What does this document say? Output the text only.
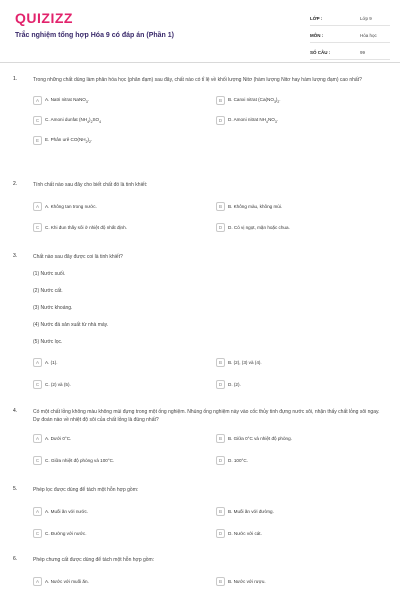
QUIZIZZ
Trắc nghiệm tổng hợp Hóa 9 có đáp án (Phần 1)
LỚP :	Lớp 9
MÔN :	Hóa học
SỐ CÂU :	99
1.	Trong những chất dùng làm phân hóa học (phân đạm) sau đây, chất nào có tỉ lệ về khối lượng Nitơ (hàm lượng Nitơ hay hàm lượng đạm) cao nhất?
A	A. Natri nitrat NaNO$_3$.	B	B. Canxi nitrat ($Ca(NO_3)_2$.
C	C. Amoni dunfat $(NH_4)_2SO_4$	D	D. Amoni nitrat $NH_4NO_3$.
E	E. Phân urê $CO(NH_2)_2$.
2.	Tính chất nào sau đây cho biết chất đó là tinh khiết:
A	A. Không tan trong nước.	B	B. Không màu, không mùi.
C	C. Khi đun thấy sôi ở nhiệt độ nhất định.	D	D. Có vị ngọt, mặn hoặc chua.
3.	Chất nào sau đây được coi là tinh khiết?
(1) Nước suối.
(2) Nước cất.
(3) Nước khoáng.
(4) Nước đá sản xuất từ nhà máy.
(5) Nước lọc.
A	A. (1).	B	B. (2), (3) và (4).
C	C. (2) và (5).	D	D. (2).
4.	Có một chất lỏng không màu không mùi đựng trong một ống nghiệm. Nhúng ống nghiệm này vào cốc thủy tinh đựng nước sôi, nhận thấy chất lỏng sôi ngay. Dự đoán nào về nhiệt độ sôi của chất lỏng là đúng nhất?
A	A. Dưới 0°C.	B	B. Giữa 0°C và nhiệt độ phòng.
C	C. Giữa nhiệt độ phòng và 100°C.	D	D. 100°C.
5.	Phép lọc được dùng để tách một hỗn hợp gồm:
A	A. Muối ăn với nước.	B	B. Muối ăn với đường.
C	C. Đường với nước.	D	D. Nước với cát.
6.	Phép chưng cất được dùng để tách một hỗn hợp gồm:
A	A. Nước với muối ăn.	B	B. Nước với rượu.
